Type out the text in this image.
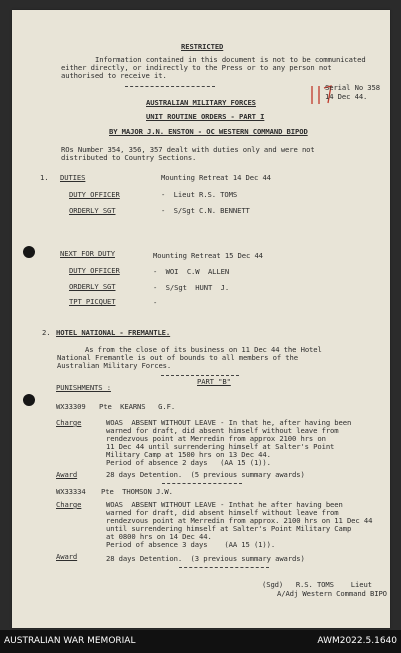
RESTRICTED
Information contained in this document is not to be communicated
either directly, or indirectly to the Press or to any person not
authorised to receive it.
Serial No 358
14 Dec 44.
AUSTRALIAN MILITARY FORCES
UNIT ROUTINE ORDERS - PART I
BY MAJOR J.N. ENSTON - OC WESTERN COMMAND BIPOD
ROs Number 354, 356, 357 dealt with duties only and were not
distributed to Country Sections.
1. DUTIES	Mounting Retreat 14 Dec 44
DUTY OFFICER	-  Lieut R.S. TOMS
ORDERLY SGT	-  S/Sgt C.N. BENNETT
NEXT FOR DUTY	Mounting Retreat 15 Dec 44
DUTY OFFICER	-  WOI  C.W  ALLEN
ORDERLY SGT	-  S/Sgt  HUNT  J.
TPT PICQUET	-
2. HOTEL NATIONAL - FREMANTLE.
As from the close of its business on 11 Dec 44 the Hotel
National Fremantle is out of bounds to all members of the
Australian Military Forces.
PART "B"
PUNISHMENTS :
WX33309 Pte  KEARNS   G.F.
Charge	WOAS  ABSENT WITHOUT LEAVE - In that he, after having been
warned for draft, did absent himself without leave from
rendezvous point at Merredin from approx 2100 hrs on
11 Dec 44 until surrendering himself at Salter's Point
Military Camp at 1500 hrs on 13 Dec 44.
Period of absence 2 days   (AA 15 (1)).
Award	28 days Detention.  (5 previous summary awards)
WX33334 Pte  THOMSON J.W.
Charge	WOAS  ABSENT WITHOUT LEAVE - Inthat he after having been
warned for draft, did absent himself without leave from
rendezvous point at Merredin from approx. 2100 hrs on 11 Dec 44
until surrendering himself at Salter's Point Military Camp
at 0800 hrs on 14 Dec 44.
Period of absence 3 days    (AA 15 (1)).
Award	28 days Detention.  (3 previous summary awards)
(Sgd)   R.S. TOMS    Lieut
A/Adj Western Command BIPO
AUSTRALIAN WAR MEMORIAL	AWM2022.5.1640
